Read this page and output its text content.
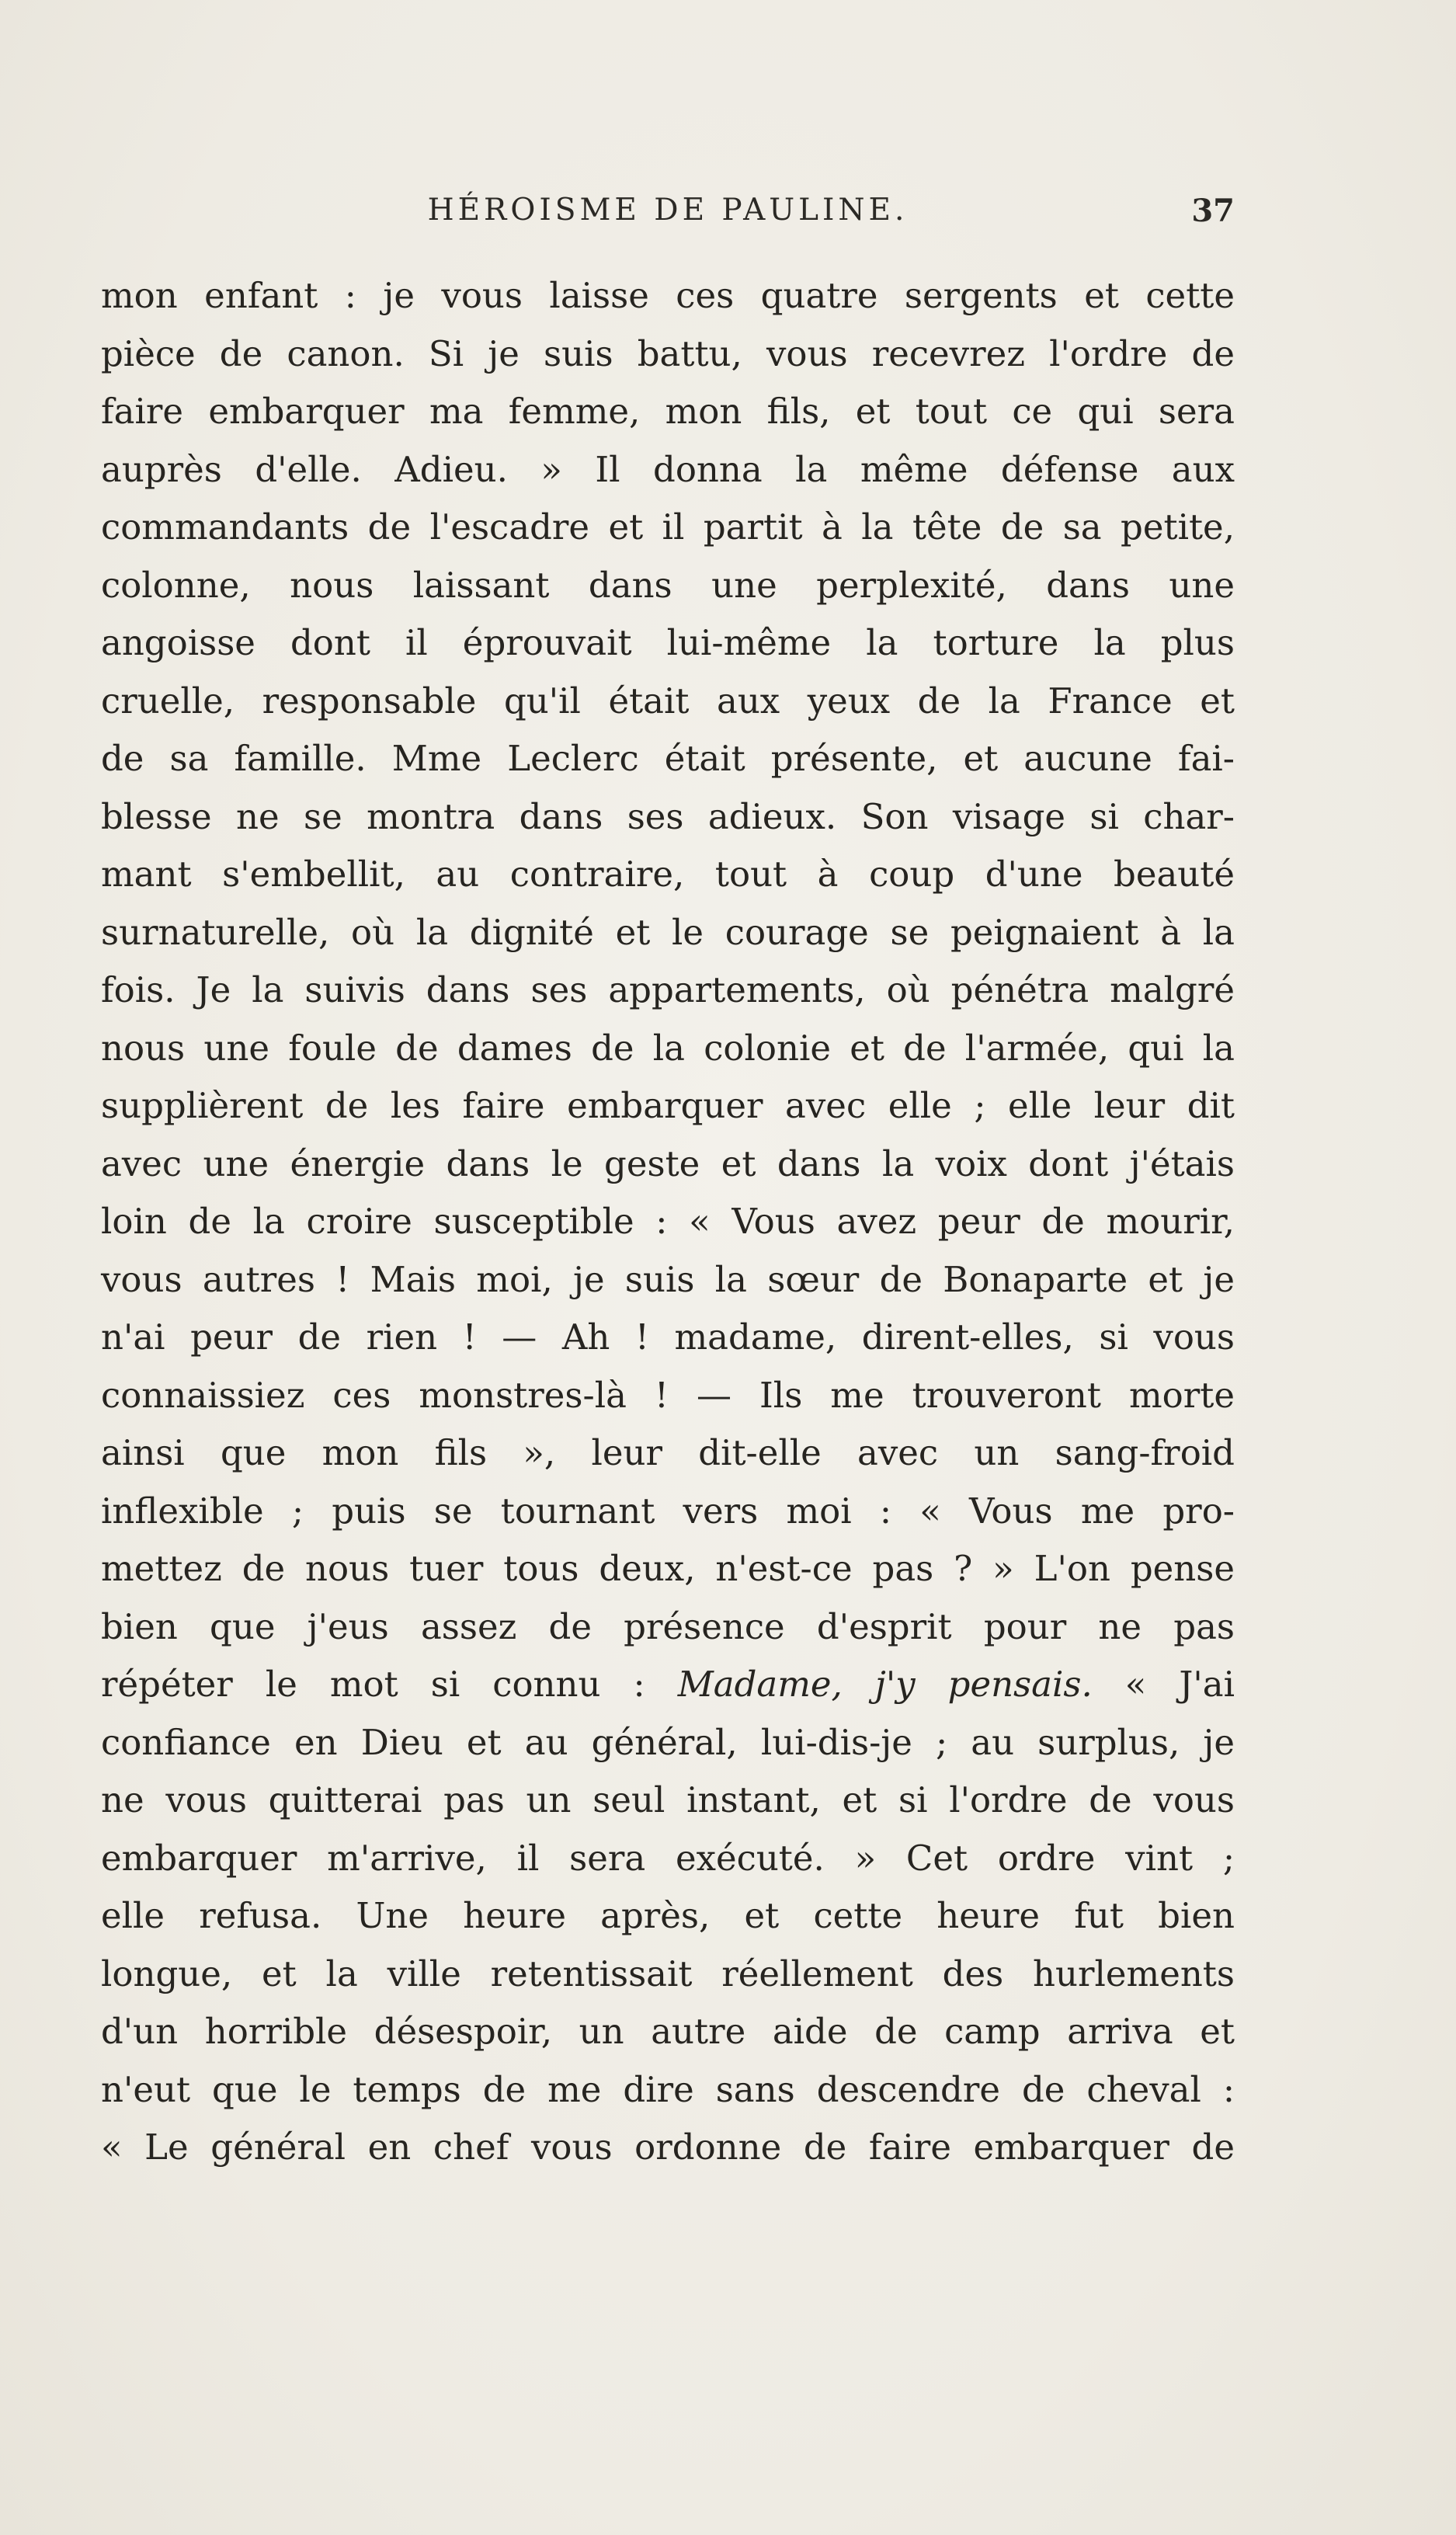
HÉROISME DE PAULINE.	37
mon enfant : je vous laisse ces quatre sergents et cette
pièce de canon. Si je suis battu, vous recevrez l'ordre de
faire embarquer ma femme, mon fils, et tout ce qui sera
auprès d'elle. Adieu. » Il donna la même défense aux
commandants de l'escadre et il partit à la tête de sa petite,
colonne, nous laissant dans une perplexité, dans une
angoisse dont il éprouvait lui-même la torture la plus
cruelle, responsable qu'il était aux yeux de la France et
de sa famille. Mme Leclerc était présente, et aucune fai-
blesse ne se montra dans ses adieux. Son visage si char-
mant s'embellit, au contraire, tout à coup d'une beauté
surnaturelle, où la dignité et le courage se peignaient à la
fois. Je la suivis dans ses appartements, où pénétra malgré
nous une foule de dames de la colonie et de l'armée, qui la
supplièrent de les faire embarquer avec elle ; elle leur dit
avec une énergie dans le geste et dans la voix dont j'étais
loin de la croire susceptible : « Vous avez peur de mourir,
vous autres ! Mais moi, je suis la sœur de Bonaparte et je
n'ai peur de rien ! — Ah ! madame, dirent-elles, si vous
connaissiez ces monstres-là ! — Ils me trouveront morte
ainsi que mon fils », leur dit-elle avec un sang-froid
inflexible ; puis se tournant vers moi : « Vous me pro-
mettez de nous tuer tous deux, n'est-ce pas ? » L'on pense
bien que j'eus assez de présence d'esprit pour ne pas
répéter le mot si connu : Madame, j'y pensais. « J'ai
confiance en Dieu et au général, lui-dis-je ; au surplus, je
ne vous quitterai pas un seul instant, et si l'ordre de vous
embarquer m'arrive, il sera exécuté. » Cet ordre vint ;
elle refusa. Une heure après, et cette heure fut bien
longue, et la ville retentissait réellement des hurlements
d'un horrible désespoir, un autre aide de camp arriva et
n'eut que le temps de me dire sans descendre de cheval :
« Le général en chef vous ordonne de faire embarquer de
